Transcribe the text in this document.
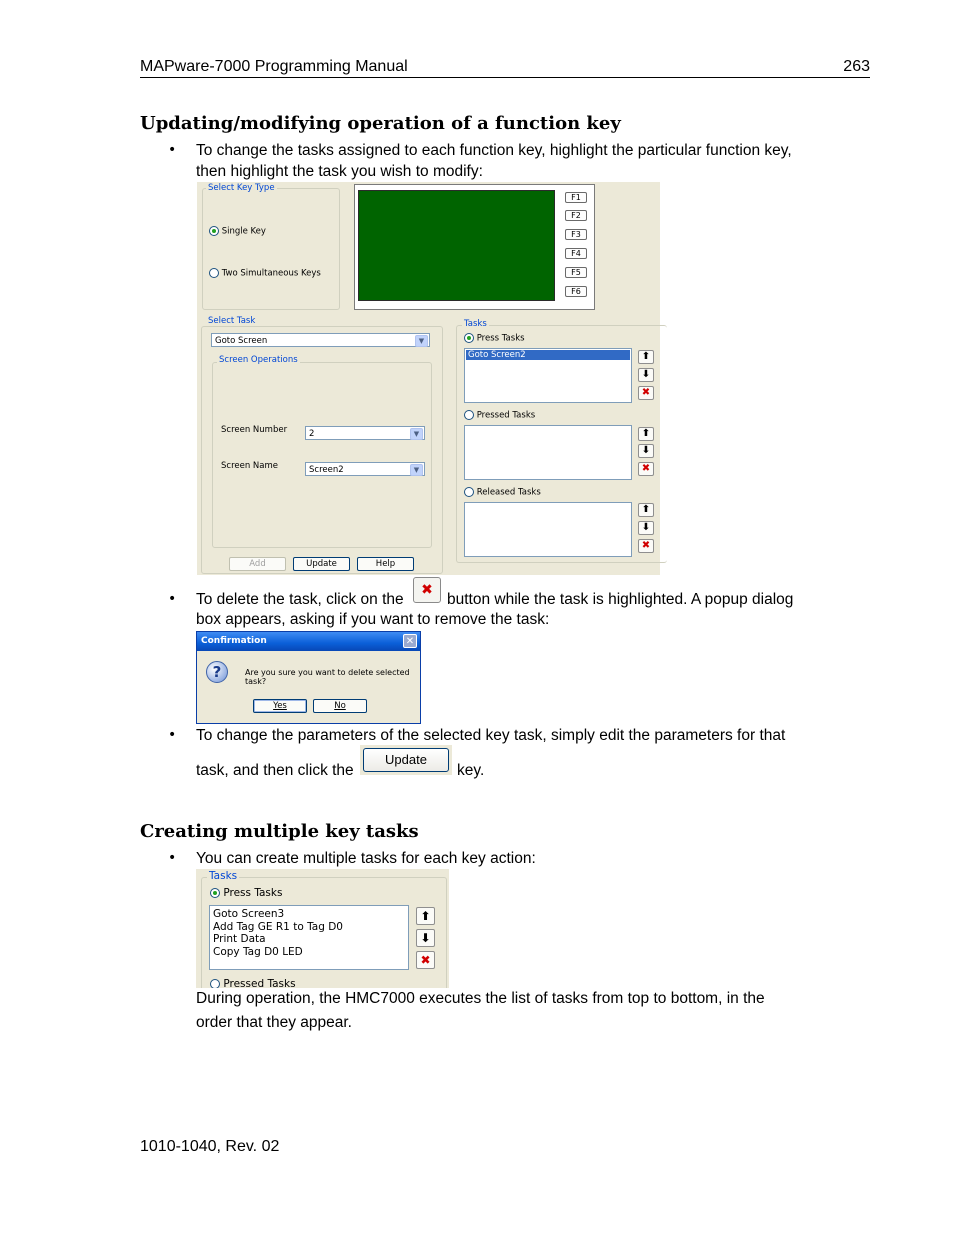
MAPware-7000 Programming Manual	263
Updating/modifying operation of a function key
• To change the tasks assigned to each function key, highlight the particular function key,
then highlight the task you wish to modify:
Select Key Type
Single Key
Two Simultaneous Keys
F1
F2
F3
F4
F5
F6
Select Task
Goto Screen	▼
Screen Operations
Screen Number	2	▼
Screen Name	Screen2	▼
Add	Update	Help
Tasks
Press Tasks
Goto Screen2	⬆
⬇
✖
Pressed Tasks
⬆
⬇
✖
Released Tasks
⬆
⬇
✖
• To delete the task, click on the
✖
button while the task is highlighted. A popup dialog
box appears, asking if you want to remove the task:
Confirmation	✕
?	Are you sure you want to delete selected task?
Yes	No
• To change the parameters of the selected key task, simply edit the parameters for that
task, and then click the
Update
key.
Creating multiple key tasks
• You can create multiple tasks for each key action:
Tasks
Press Tasks
Goto Screen3
Add Tag GE R1 to Tag D0
Print Data
Copy Tag D0 LED
⬆
⬇
✖
Pressed Tasks
During operation, the HMC7000 executes the list of tasks from top to bottom, in the
order that they appear.
1010-1040, Rev. 02
